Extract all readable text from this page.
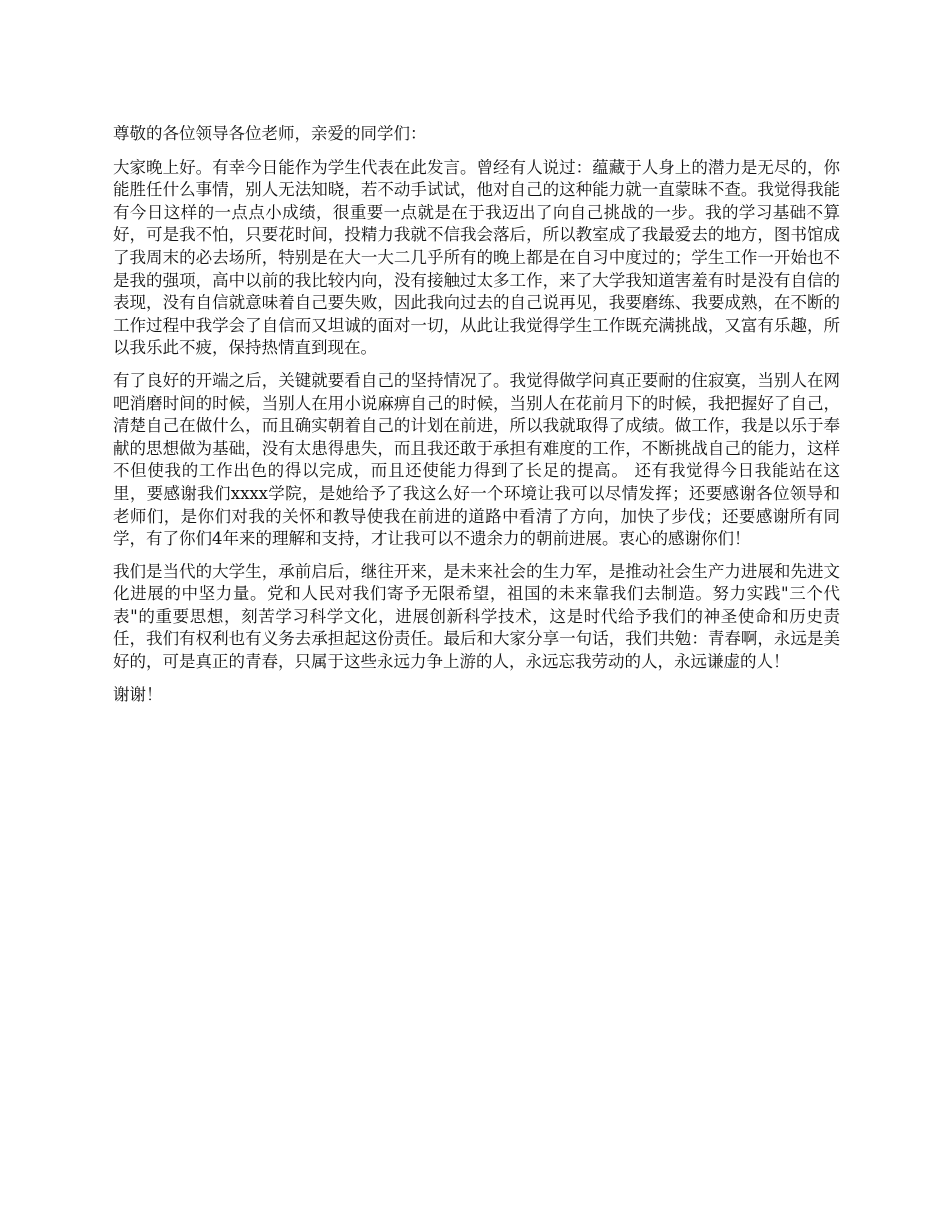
尊敬的各位领导各位老师，亲爱的同学们：

大家晚上好。有幸今日能作为学生代表在此发言。曾经有人说过：蕴藏于人身上的潜力是无尽的，你能胜任什么事情，别人无法知晓，若不动手试试，他对自己的这种能力就一直蒙昧不查。我觉得我能有今日这样的一点点小成绩，很重要一点就是在于我迈出了向自己挑战的一步。我的学习基础不算好，可是我不怕，只要花时间，投精力我就不信我会落后，所以教室成了我最爱去的地方，图书馆成了我周末的必去场所，特别是在大一大二几乎所有的晚上都是在自习中度过的；学生工作一开始也不是我的强项，高中以前的我比较内向，没有接触过太多工作，来了大学我知道害羞有时是没有自信的表现，没有自信就意味着自己要失败，因此我向过去的自己说再见，我要磨练、我要成熟，在不断的工作过程中我学会了自信而又坦诚的面对一切，从此让我觉得学生工作既充满挑战，又富有乐趣，所以我乐此不疲，保持热情直到现在。

有了良好的开端之后，关键就要看自己的坚持情况了。我觉得做学问真正要耐的住寂寞，当别人在网吧消磨时间的时候，当别人在用小说麻痹自己的时候，当别人在花前月下的时候，我把握好了自己，清楚自己在做什么，而且确实朝着自己的计划在前进，所以我就取得了成绩。做工作，我是以乐于奉献的思想做为基础，没有太患得患失，而且我还敢于承担有难度的工作，不断挑战自己的能力，这样不但使我的工作出色的得以完成，而且还使能力得到了长足的提高。 还有我觉得今日我能站在这里，要感谢我们xxxx学院，是她给予了我这么好一个环境让我可以尽情发挥；还要感谢各位领导和老师们，是你们对我的关怀和教导使我在前进的道路中看清了方向，加快了步伐；还要感谢所有同学，有了你们4年来的理解和支持，才让我可以不遗余力的朝前进展。衷心的感谢你们！

我们是当代的大学生，承前启后，继往开来，是未来社会的生力军，是推动社会生产力进展和先进文化进展的中坚力量。党和人民对我们寄予无限希望，祖国的未来靠我们去制造。努力实践"三个代表"的重要思想，刻苦学习科学文化，进展创新科学技术，这是时代给予我们的神圣使命和历史责任，我们有权利也有义务去承担起这份责任。最后和大家分享一句话，我们共勉：青春啊，永远是美好的，可是真正的青春，只属于这些永远力争上游的人，永远忘我劳动的人，永远谦虚的人！

谢谢！
